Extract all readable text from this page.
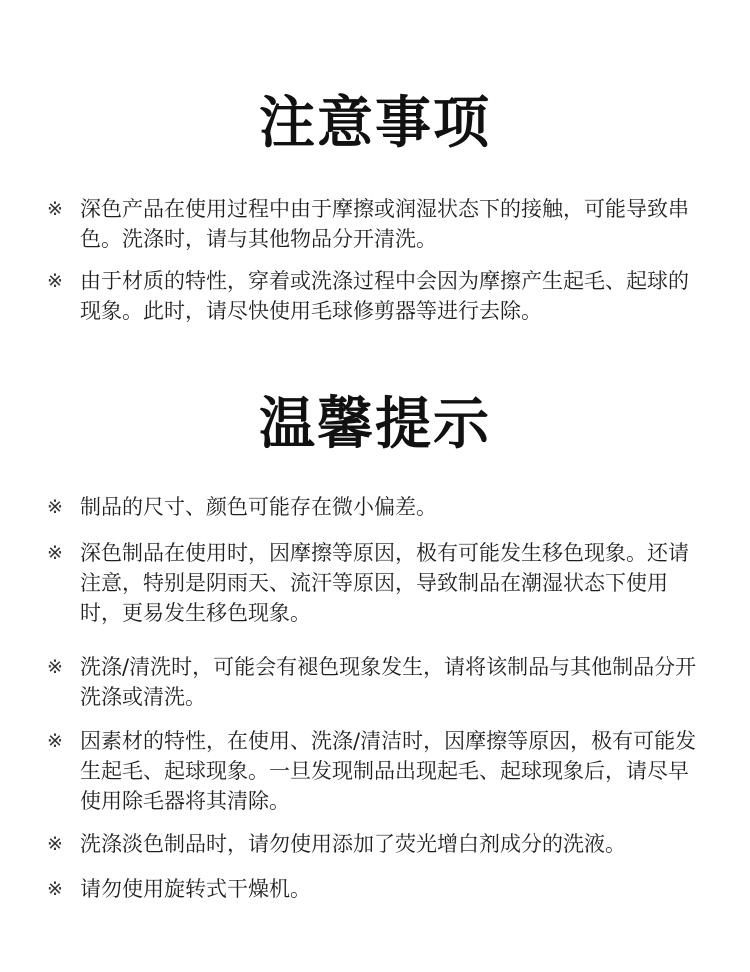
注意事项
※ 深色产品在使用过程中由于摩擦或润湿状态下的接触，可能导致串色。洗涤时，请与其他物品分开清洗。
※ 由于材质的特性，穿着或洗涤过程中会因为摩擦产生起毛、起球的现象。此时，请尽快使用毛球修剪器等进行去除。
温馨提示
※ 制品的尺寸、颜色可能存在微小偏差。
※ 深色制品在使用时，因摩擦等原因，极有可能发生移色现象。还请注意，特别是阴雨天、流汗等原因，导致制品在潮湿状态下使用时，更易发生移色现象。
※ 洗涤/清洗时，可能会有褪色现象发生，请将该制品与其他制品分开洗涤或清洗。
※ 因素材的特性，在使用、洗涤/清洁时，因摩擦等原因，极有可能发生起毛、起球现象。一旦发现制品出现起毛、起球现象后，请尽早使用除毛器将其清除。
※ 洗涤淡色制品时，请勿使用添加了荧光增白剂成分的洗液。
※ 请勿使用旋转式干燥机。
